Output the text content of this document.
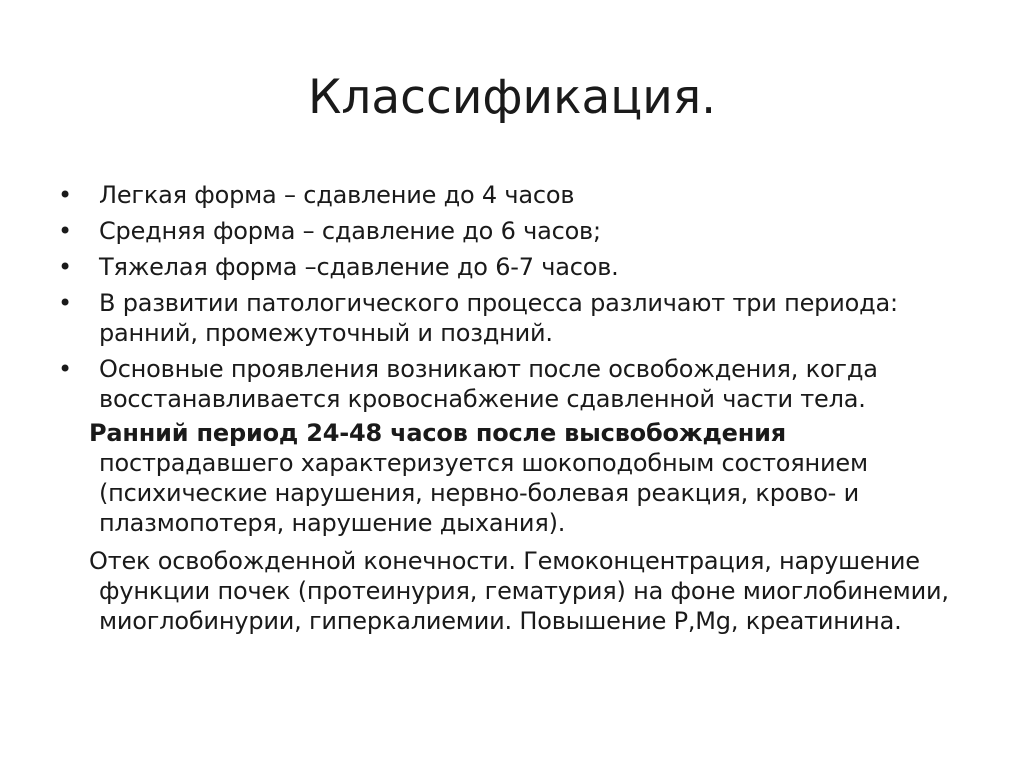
Классификация.
• Легкая форма – сдавление до 4 часов
• Средняя форма – сдавление до 6 часов;
• Тяжелая форма –сдавление до 6-7 часов.
• В развитии патологического процесса различают три периода: ранний, промежуточный и поздний.
• Основные проявления возникают после освобождения, когда восстанавливается кровоснабжение сдавленной части тела.

Ранний период 24-48 часов после высвобождения пострадавшего характеризуется шокоподобным состоянием (психические нарушения, нервно-болевая реакция, крово- и плазмопотеря, нарушение дыхания).

Отек освобожденной конечности. Гемоконцентрация, нарушение функции почек (протеинурия, гематурия) на фоне миоглобинемии, миоглобинурии, гиперкалиемии. Повышение P,Mg, креатинина.
